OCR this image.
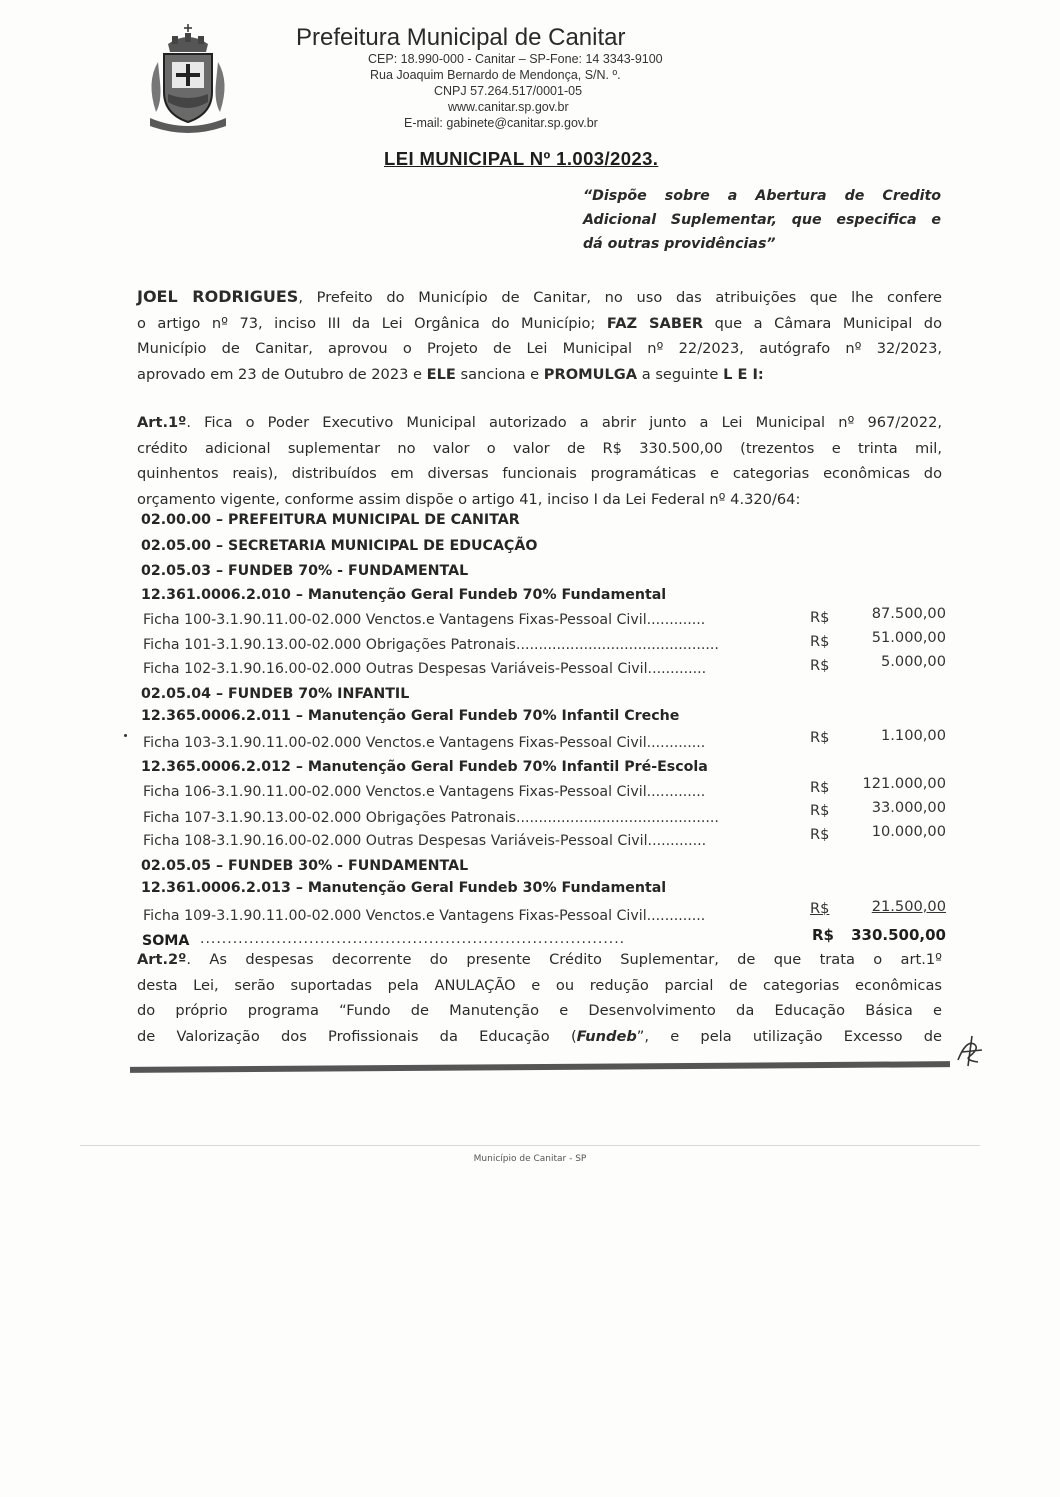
Prefeitura Municipal de Canitar
CEP: 18.990-000 - Canitar – SP-Fone: 14 3343-9100
Rua Joaquim Bernardo de Mendonça, S/N. º.
CNPJ 57.264.517/0001-05
www.canitar.sp.gov.br
E-mail: gabinete@canitar.sp.gov.br
LEI MUNICIPAL Nº 1.003/2023.
“Dispõe sobre a Abertura de Credito
Adicional Suplementar, que especifica e
dá outras providências”
JOEL RODRIGUES, Prefeito do Município de Canitar, no uso das atribuições que lhe confere
o artigo nº 73, inciso III da Lei Orgânica do Município; FAZ SABER que a Câmara Municipal do
Município de Canitar, aprovou o Projeto de Lei Municipal nº 22/2023, autógrafo nº 32/2023,
aprovado em 23 de Outubro de 2023 e ELE sanciona e PROMULGA a seguinte L E I:
Art.1º. Fica o Poder Executivo Municipal autorizado a abrir junto a Lei Municipal nº 967/2022,
crédito adicional suplementar no valor o valor de R$ 330.500,00 (trezentos e trinta mil,
quinhentos reais), distribuídos em diversas funcionais programáticas e categorias econômicas do
orçamento vigente, conforme assim dispõe o artigo 41, inciso I da Lei Federal nº 4.320/64:
02.00.00 – PREFEITURA MUNICIPAL DE CANITAR
02.05.00 – SECRETARIA MUNICIPAL DE EDUCAÇÃO
02.05.03 – FUNDEB 70% - FUNDAMENTAL
12.361.0006.2.010 – Manutenção Geral Fundeb 70% Fundamental
Ficha 100-3.1.90.11.00-02.000 Venctos.e Vantagens Fixas-Pessoal Civil.............	R$	87.500,00
Ficha 101-3.1.90.13.00-02.000 Obrigações Patronais.............................................	R$	51.000,00
Ficha 102-3.1.90.16.00-02.000 Outras Despesas Variáveis-Pessoal Civil.............	R$	5.000,00
02.05.04 – FUNDEB 70% INFANTIL
12.365.0006.2.011 – Manutenção Geral Fundeb 70% Infantil Creche
Ficha 103-3.1.90.11.00-02.000 Venctos.e Vantagens Fixas-Pessoal Civil.............	R$	1.100,00
12.365.0006.2.012 – Manutenção Geral Fundeb 70% Infantil Pré-Escola
Ficha 106-3.1.90.11.00-02.000 Venctos.e Vantagens Fixas-Pessoal Civil.............	R$ 121.000,00
Ficha 107-3.1.90.13.00-02.000 Obrigações Patronais.............................................	R$	33.000,00
Ficha 108-3.1.90.16.00-02.000 Outras Despesas Variáveis-Pessoal Civil.............	R$	10.000,00
02.05.05 – FUNDEB 30% - FUNDAMENTAL
12.361.0006.2.013 – Manutenção Geral Fundeb 30% Fundamental
Ficha 109-3.1.90.11.00-02.000 Venctos.e Vantagens Fixas-Pessoal Civil.............	R$	21.500,00
SOMA ..............................................................................	R$ 330.500,00
Art.2º. As despesas decorrente do presente Crédito Suplementar, de que trata o art.1º
desta Lei, serão suportadas pela ANULAÇÃO e ou redução parcial de categorias econômicas
do próprio programa “Fundo de Manutenção e Desenvolvimento da Educação Básica e
de Valorização dos Profissionais da Educação (Fundeb”, e pela utilização Excesso de
Município de Canitar - SP
